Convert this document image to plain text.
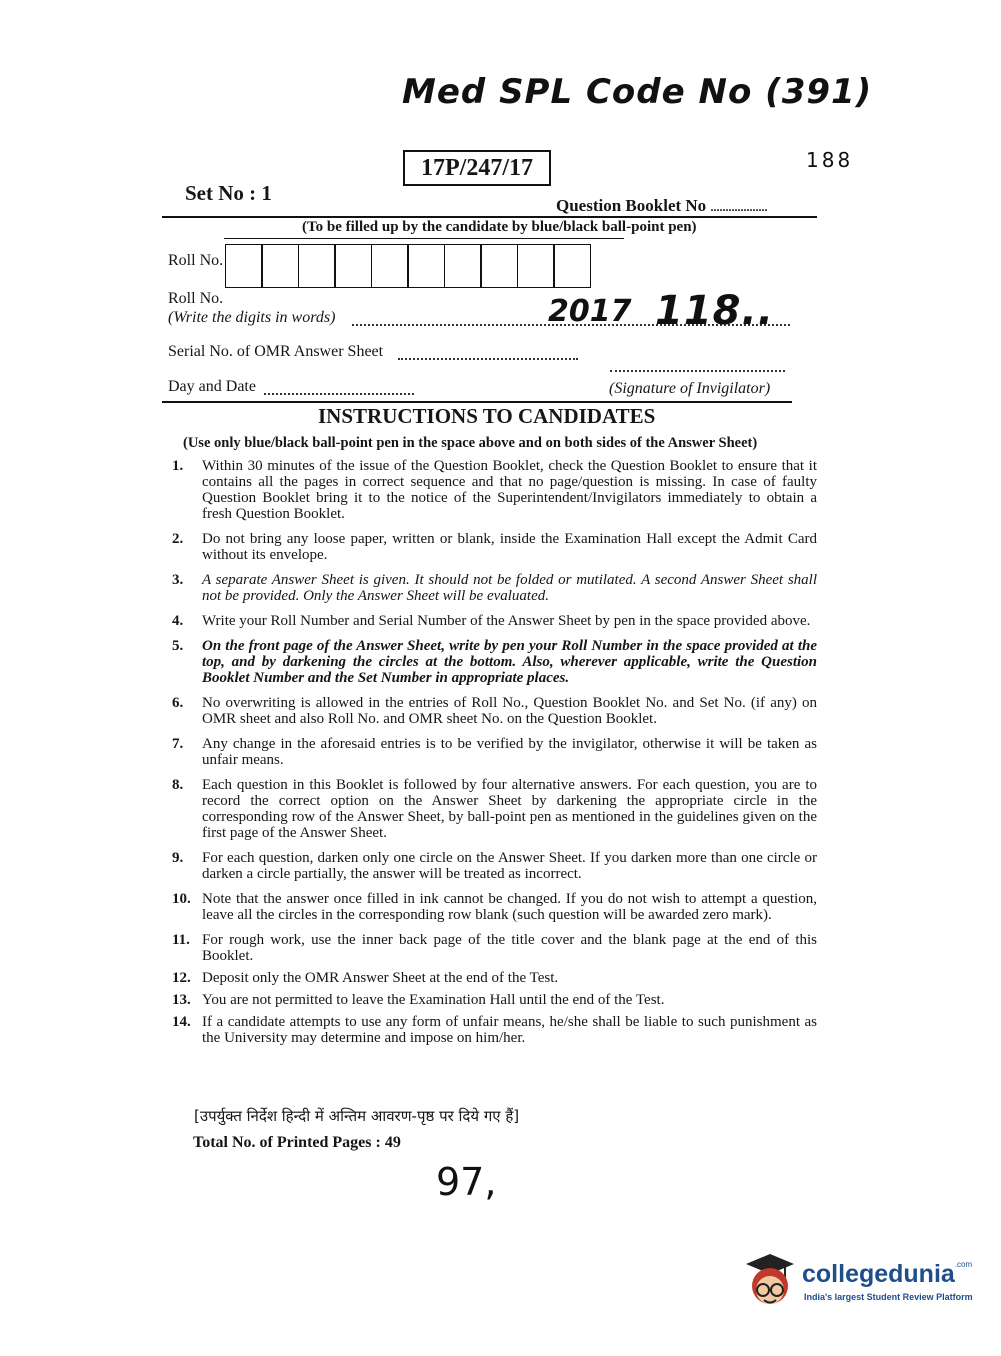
Med SPL Code No (391)
17P/247/17	188
Set No : 1
Question Booklet No ...................
(To be filled up by the candidate by blue/black ball-point pen)
Roll No.
Roll No.
(Write the digits in words)	2017 118..
Serial No. of OMR Answer Sheet
Day and Date	(Signature of Invigilator)
INSTRUCTIONS TO CANDIDATES
(Use only blue/black ball-point pen in the space above and on both sides of the Answer Sheet)
1.	Within 30 minutes of the issue of the Question Booklet, check the Question Booklet to ensure that it contains all the pages in correct sequence and that no page/question is missing. In case of faulty Question Booklet bring it to the notice of the Superintendent/Invigilators immediately to obtain a fresh Question Booklet.
2.	Do not bring any loose paper, written or blank, inside the Examination Hall except the Admit Card without its envelope.
3.	A separate Answer Sheet is given. It should not be folded or mutilated. A second Answer Sheet shall not be provided. Only the Answer Sheet will be evaluated.
4.	Write your Roll Number and Serial Number of the Answer Sheet by pen in the space provided above.
5.	On the front page of the Answer Sheet, write by pen your Roll Number in the space provided at the top, and by darkening the circles at the bottom. Also, wherever applicable, write the Question Booklet Number and the Set Number in appropriate places.
6.	No overwriting is allowed in the entries of Roll No., Question Booklet No. and Set No. (if any) on OMR sheet and also Roll No. and OMR sheet No. on the Question Booklet.
7.	Any change in the aforesaid entries is to be verified by the invigilator, otherwise it will be taken as unfair means.
8.	Each question in this Booklet is followed by four alternative answers. For each question, you are to record the correct option on the Answer Sheet by darkening the appropriate circle in the corresponding row of the Answer Sheet, by ball-point pen as mentioned in the guidelines given on the first page of the Answer Sheet.
9.	For each question, darken only one circle on the Answer Sheet. If you darken more than one circle or darken a circle partially, the answer will be treated as incorrect.
10. Note that the answer once filled in ink cannot be changed. If you do not wish to attempt a question, leave all the circles in the corresponding row blank (such question will be awarded zero mark).
11. For rough work, use the inner back page of the title cover and the blank page at the end of this Booklet.
12. Deposit only the OMR Answer Sheet at the end of the Test.
13. You are not permitted to leave the Examination Hall until the end of the Test.
14. If a candidate attempts to use any form of unfair means, he/she shall be liable to such punishment as the University may determine and impose on him/her.
[उपर्युक्त निर्देश हिन्दी में अन्तिम आवरण-पृष्ठ पर दिये गए हैं]
Total No. of Printed Pages : 49
97,
collegedunia$^{.com}$
India's largest Student Review Platform
